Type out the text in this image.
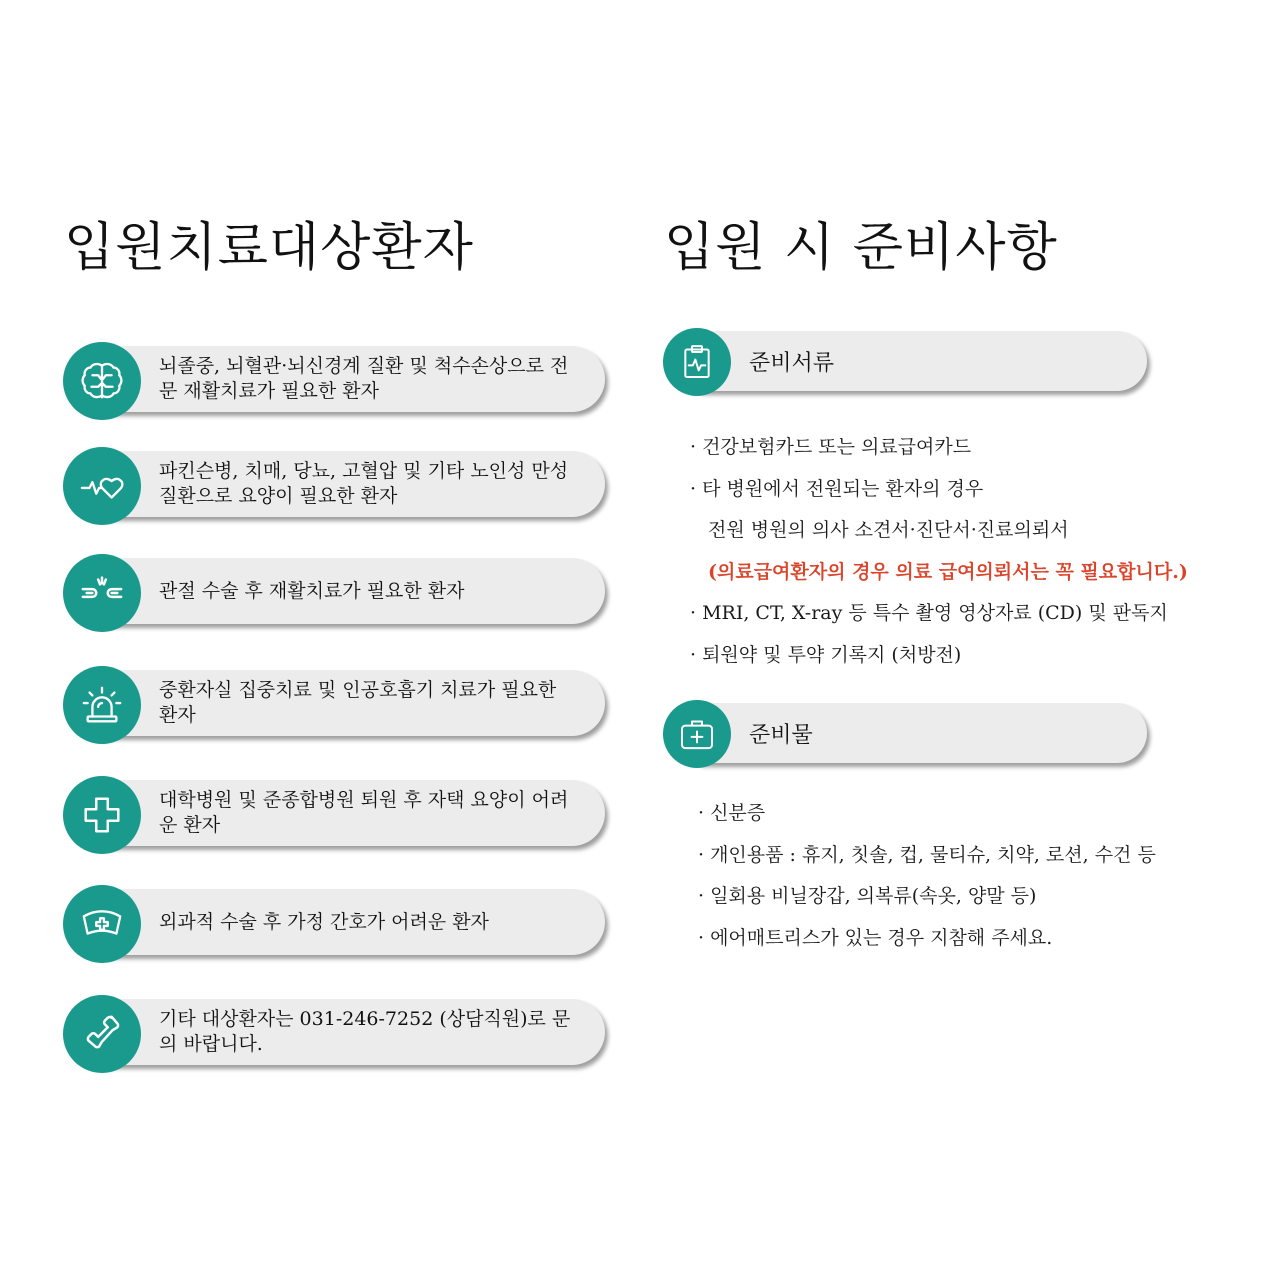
입원치료대상환자	입원 시 준비사항
뇌졸중, 뇌혈관·뇌신경계 질환 및 척수손상으로 전문 재활치료가 필요한 환자
파킨슨병, 치매, 당뇨, 고혈압 및 기타 노인성 만성 질환으로 요양이 필요한 환자
관절 수술 후 재활치료가 필요한 환자
중환자실 집중치료 및 인공호흡기 치료가 필요한 환자
대학병원 및 준종합병원 퇴원 후 자택 요양이 어려운 환자
외과적 수술 후 가정 간호가 어려운 환자
기타 대상환자는 031-246-7252 (상담직원)로 문의 바랍니다.
준비서류
· 건강보험카드 또는 의료급여카드
· 타 병원에서 전원되는 환자의 경우
전원 병원의 의사 소견서·진단서·진료의뢰서
(의료급여환자의 경우 의료 급여의뢰서는 꼭 필요합니다.)
· MRI, CT, X-ray 등 특수 촬영 영상자료 (CD) 및 판독지
· 퇴원약 및 투약 기록지 (처방전)
준비물
· 신분증
· 개인용품 : 휴지, 칫솔, 컵, 물티슈, 치약, 로션, 수건 등
· 일회용 비닐장갑, 의복류(속옷, 양말 등)
· 에어매트리스가 있는 경우 지참해 주세요.
